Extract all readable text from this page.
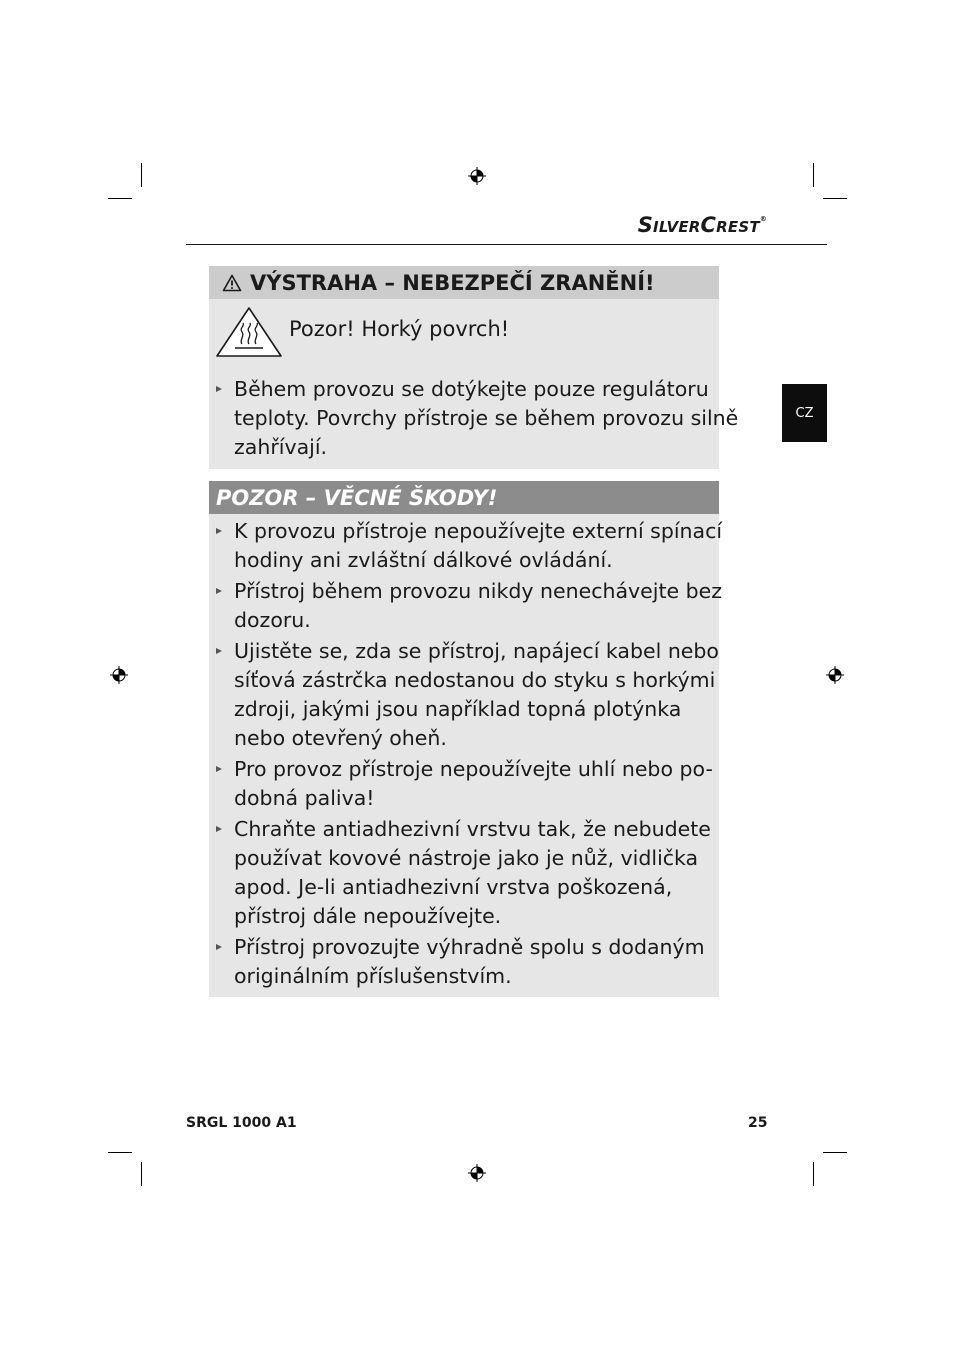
SILVERCREST®
CZ
VÝSTRAHA – NEBEZPEČÍ ZRANĚNÍ!
Pozor! Horký povrch!
Během provozu se dotýkejte pouze regulátoru
teploty. Povrchy přístroje se během provozu silně
zahřívají.
POZOR – VĚCNÉ ŠKODY!
K provozu přístroje nepoužívejte externí spínací
hodiny ani zvláštní dálkové ovládání.
Přístroj během provozu nikdy nenechávejte bez
dozoru.
Ujistěte se, zda se přístroj, napájecí kabel nebo
síťová zástrčka nedostanou do styku s horkými
zdroji, jakými jsou například topná plotýnka
nebo otevřený oheň.
Pro provoz přístroje nepoužívejte uhlí nebo po-
dobná paliva!
Chraňte antiadhezivní vrstvu tak, že nebudete
používat kovové nástroje jako je nůž, vidlička
apod. Je-li antiadhezivní vrstva poškozená,
přístroj dále nepoužívejte.
Přístroj provozujte výhradně spolu s dodaným
originálním příslušenstvím.
SRGL 1000 A1	25
